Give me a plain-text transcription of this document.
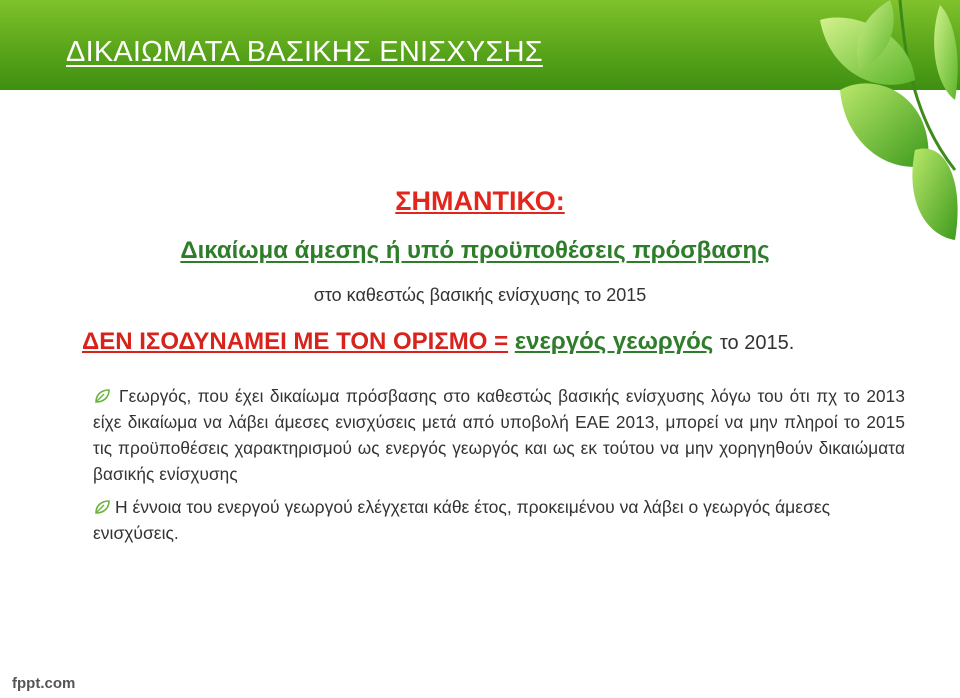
ΔΙΚΑΙΩΜΑΤΑ ΒΑΣΙΚΗΣ ΕΝΙΣΧΥΣΗΣ
ΣΗΜΑΝΤΙΚΟ:
Δικαίωμα άμεσης ή υπό προϋποθέσεις πρόσβασης
στο καθεστώς βασικής ενίσχυσης το 2015
ΔΕΝ ΙΣΟΔΥΝΑΜΕΙ ΜΕ ΤΟΝ ΟΡΙΣΜΟ = ενεργός γεωργός το 2015.
Γεωργός, που έχει δικαίωμα πρόσβασης στο καθεστώς βασικής ενίσχυσης λόγω του ότι πχ το 2013 είχε δικαίωμα να λάβει άμεσες ενισχύσεις μετά από υποβολή ΕΑΕ 2013, μπορεί να μην πληροί το 2015 τις προϋποθέσεις χαρακτηρισμού ως ενεργός γεωργός και ως εκ τούτου να μην χορηγηθούν δικαιώματα βασικής ενίσχυσης
Η έννοια του ενεργού γεωργού ελέγχεται κάθε έτος, προκειμένου να λάβει ο γεωργός άμεσες ενισχύσεις.
fppt.com
